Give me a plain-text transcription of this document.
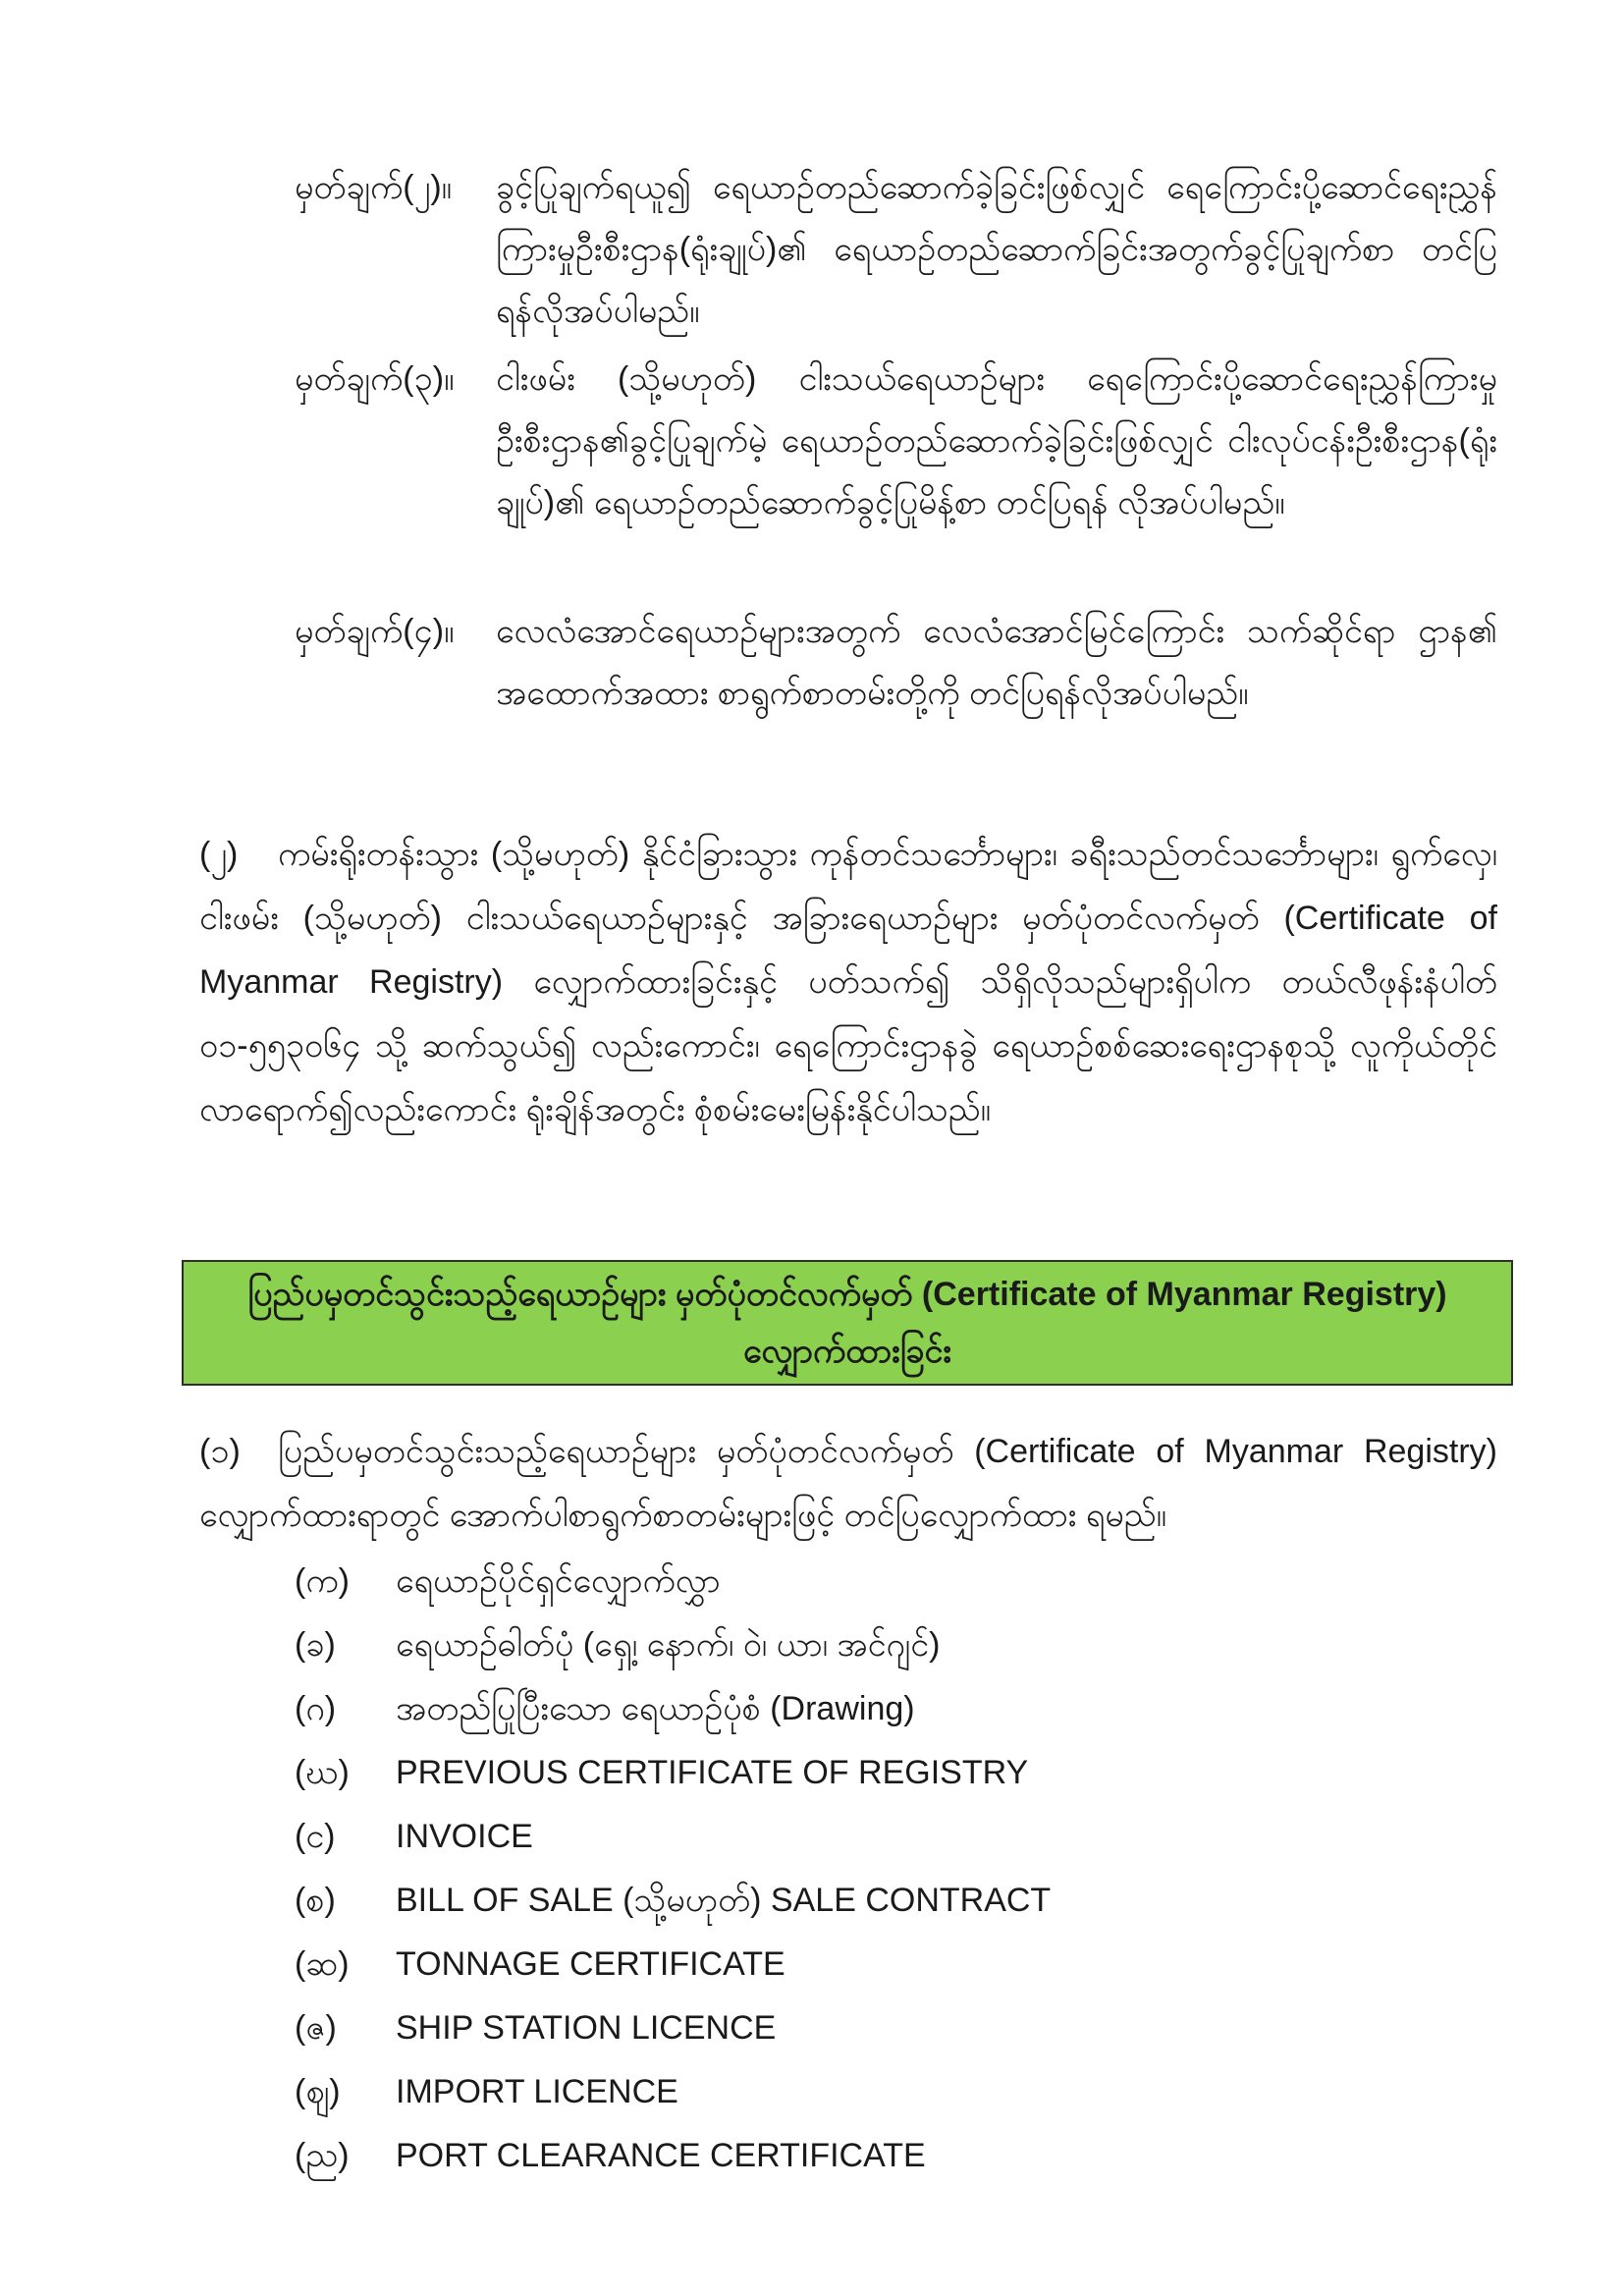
မှတ်ချက်(၂)။	ခွင့်ပြုချက်ရယူ၍ ရေယာဉ်တည်ဆောက်ခဲ့ခြင်းဖြစ်လျှင် ရေကြောင်းပို့ဆောင်ရေးညွှန်ကြားမှုဦးစီးဌာန(ရုံးချုပ်)၏ ရေယာဉ်တည်ဆောက်ခြင်းအတွက်ခွင့်ပြုချက်စာ တင်ပြရန်လိုအပ်ပါမည်။
မှတ်ချက်(၃)။	ငါးဖမ်း (သို့မဟုတ်) ငါးသယ်ရေယာဉ်များ ရေကြောင်းပို့ဆောင်ရေးညွှန်ကြားမှုဦးစီးဌာန၏ခွင့်ပြုချက်မဲ့ ရေယာဉ်တည်ဆောက်ခဲ့ခြင်းဖြစ်လျှင် ငါးလုပ်ငန်းဦးစီးဌာန(ရုံးချုပ်)၏ ရေယာဉ်တည်ဆောက်ခွင့်ပြုမိန့်စာ တင်ပြရန် လိုအပ်ပါမည်။
မှတ်ချက်(၄)။	လေလံအောင်ရေယာဉ်များအတွက် လေလံအောင်မြင်ကြောင်း သက်ဆိုင်ရာ ဌာန၏ အထောက်အထား စာရွက်စာတမ်းတို့ကို တင်ပြရန်လိုအပ်ပါမည်။
(၂) ကမ်းရိုးတန်းသွား (သို့မဟုတ်) နိုင်ငံခြားသွား ကုန်တင်သင်္ဘောများ၊ ခရီးသည်တင်သင်္ဘောများ၊ ရွက်လှေ၊ ငါးဖမ်း (သို့မဟုတ်) ငါးသယ်ရေယာဉ်များနှင့် အခြားရေယာဉ်များ မှတ်ပုံတင်လက်မှတ် (Certificate of Myanmar Registry) လျှောက်ထားခြင်းနှင့် ပတ်သက်၍ သိရှိလိုသည်များရှိပါက တယ်လီဖုန်းနံပါတ် ၀၁-၅၅၃၀၆၄ သို့ ဆက်သွယ်၍ လည်းကောင်း၊ ရေကြောင်းဌာနခွဲ ရေယာဉ်စစ်ဆေးရေးဌာနစုသို့ လူကိုယ်တိုင် လာရောက်၍လည်းကောင်း ရုံးချိန်အတွင်း စုံစမ်းမေးမြန်းနိုင်ပါသည်။
ပြည်ပမှတင်သွင်းသည့်ရေယာဉ်များ မှတ်ပုံတင်လက်မှတ် (Certificate of Myanmar Registry)
လျှောက်ထားခြင်း
(၁) ပြည်ပမှတင်သွင်းသည့်ရေယာဉ်များ မှတ်ပုံတင်လက်မှတ် (Certificate of Myanmar Registry) လျှောက်ထားရာတွင် အောက်ပါစာရွက်စာတမ်းများဖြင့် တင်ပြလျှောက်ထား ရမည်။
(က) ရေယာဉ်ပိုင်ရှင်လျှောက်လွှာ
(ခ) ရေယာဉ်ဓါတ်ပုံ (ရှေ့၊ နောက်၊ ဝဲ၊ ယာ၊ အင်ဂျင်)
(ဂ) အတည်ပြုပြီးသော ရေယာဉ်ပုံစံ (Drawing)
(ဃ) PREVIOUS CERTIFICATE OF REGISTRY
(င) INVOICE
(စ) BILL OF SALE (သို့မဟုတ်) SALE CONTRACT
(ဆ) TONNAGE CERTIFICATE
(ဇ) SHIP STATION LICENCE
(ဈ) IMPORT LICENCE
(ည) PORT CLEARANCE CERTIFICATE
